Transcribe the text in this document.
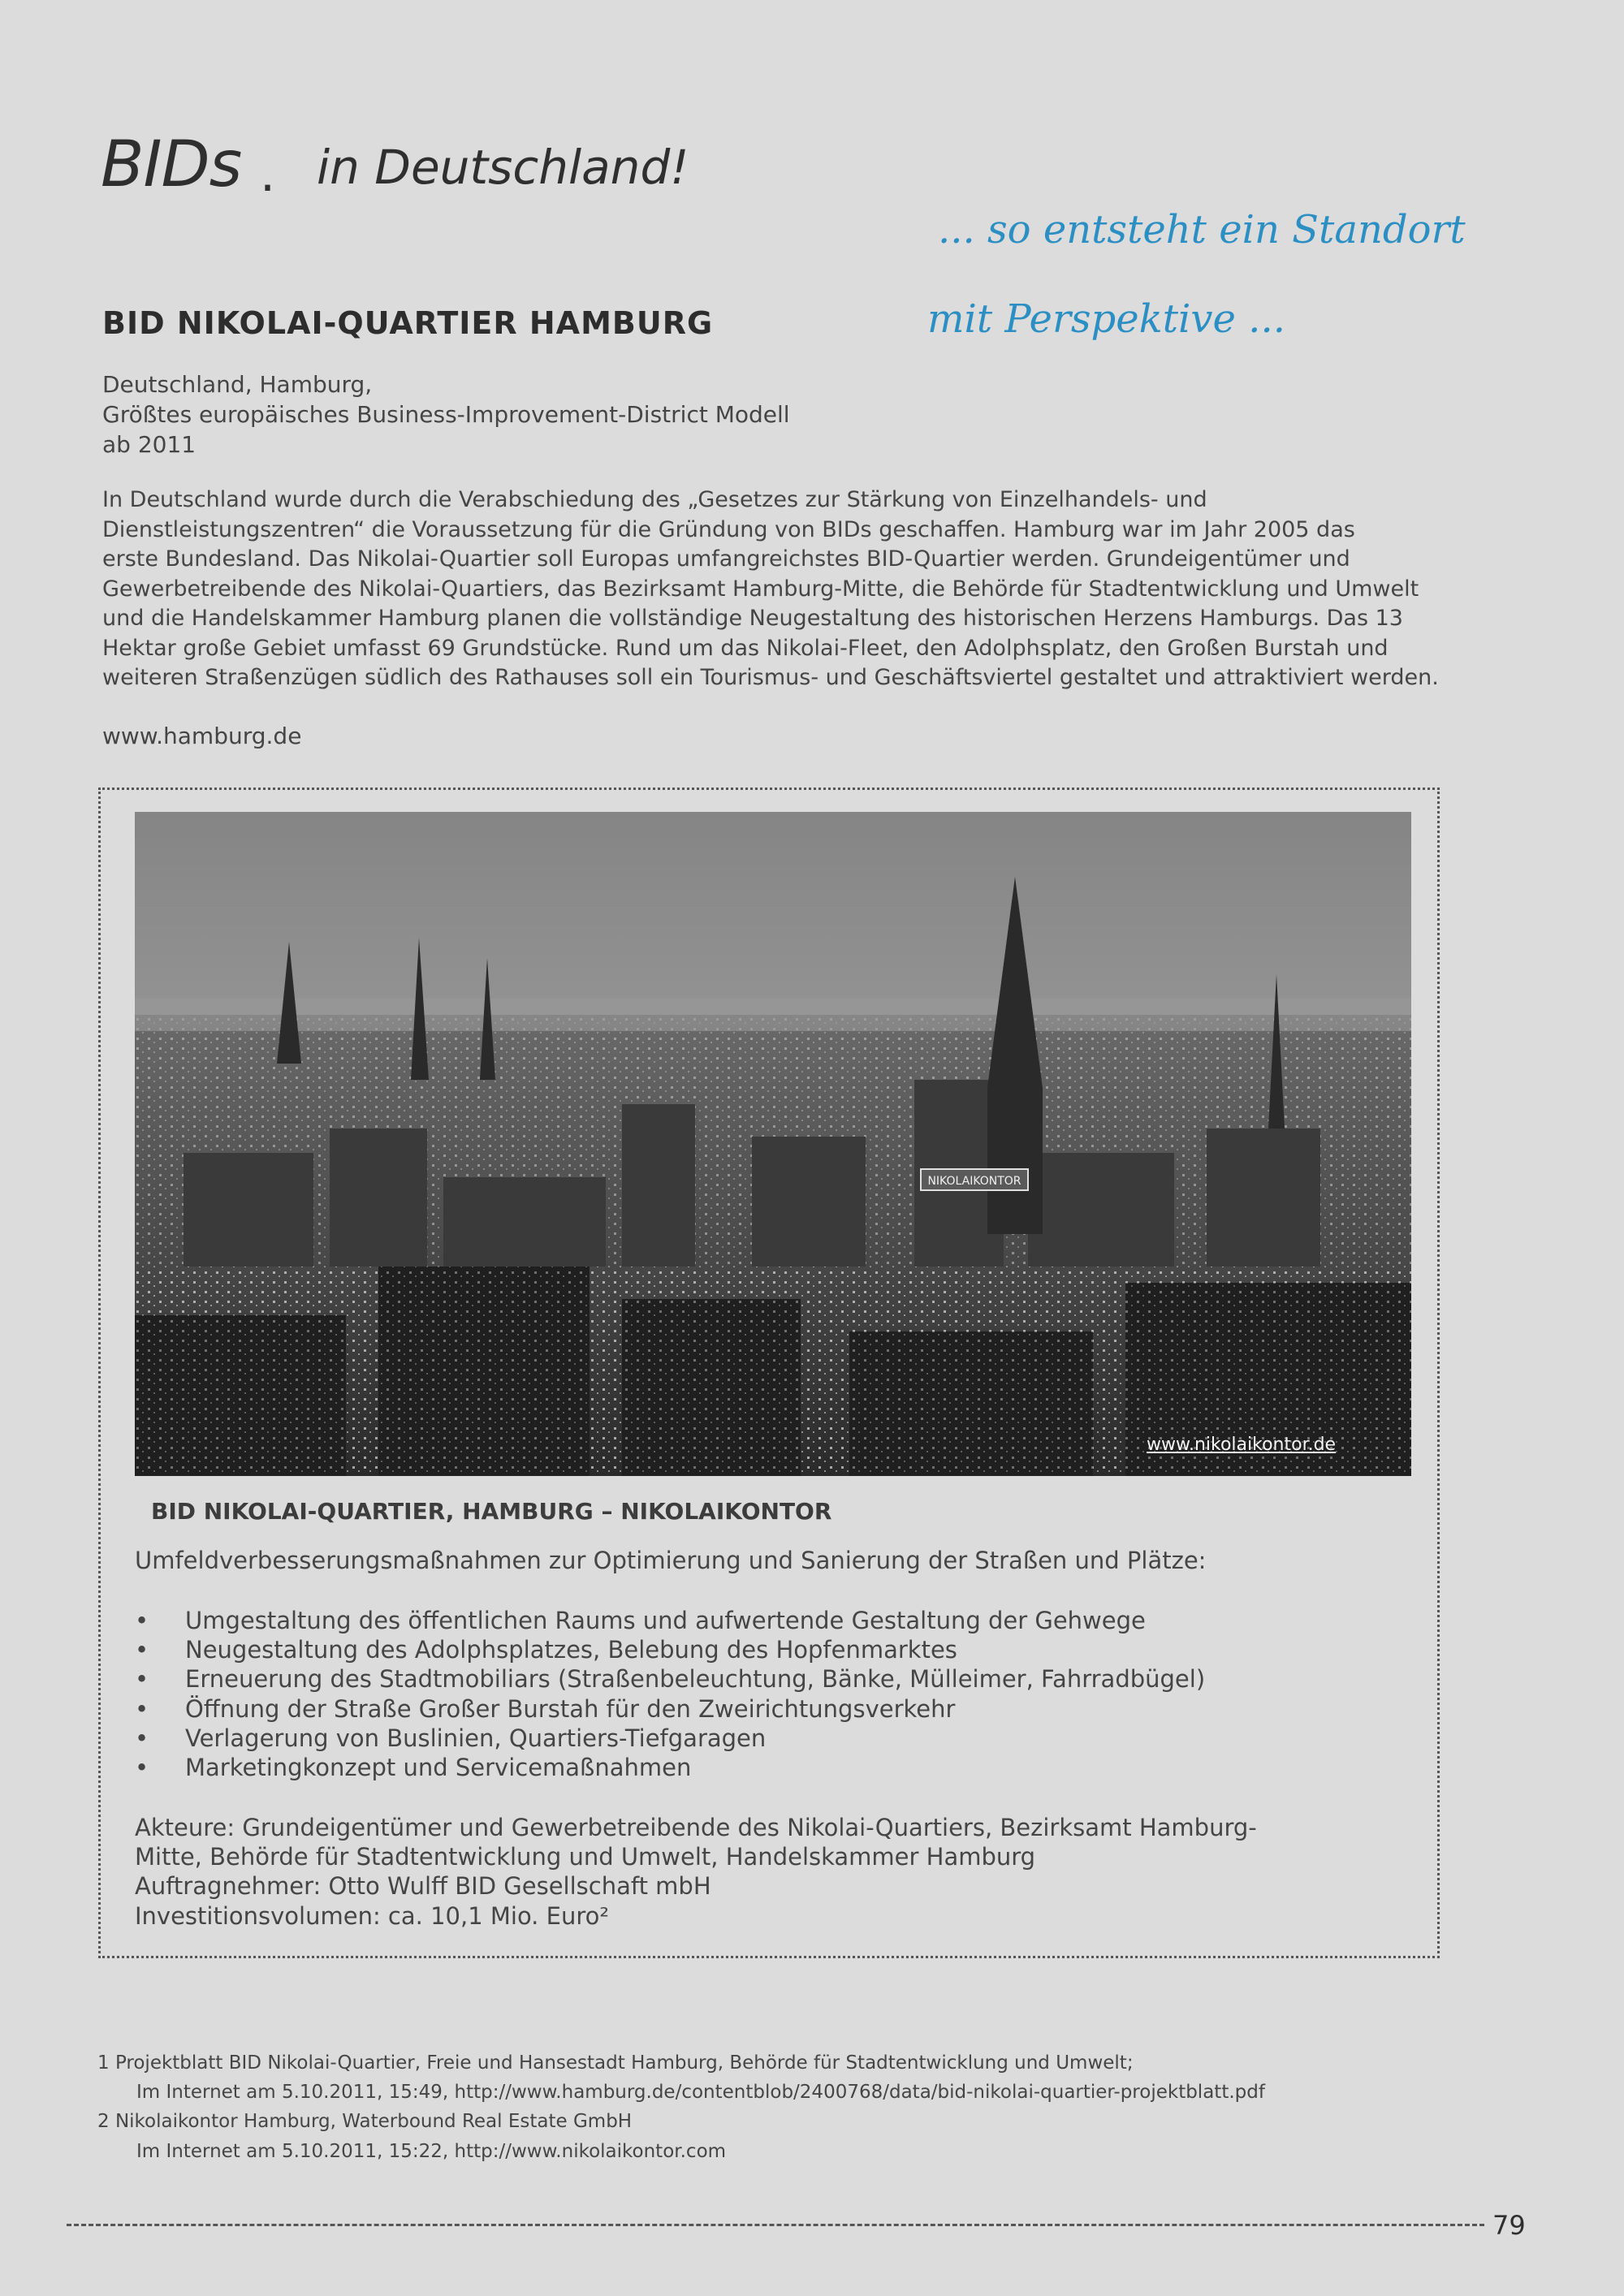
BIDs . in Deutschland!
... so entsteht ein Standort
mit Perspektive ...
BID NIKOLAI-QUARTIER HAMBURG
Deutschland, Hamburg,
Größtes europäisches Business-Improvement-District Modell
ab 2011
In Deutschland wurde durch die Verabschiedung des „Gesetzes zur Stärkung von Einzelhandels- und
Dienstleistungszentren“ die Voraussetzung für die Gründung von BIDs geschaffen. Hamburg war im Jahr 2005 das
erste Bundesland. Das Nikolai-Quartier soll Europas umfangreichstes BID-Quartier werden. Grundeigentümer und
Gewerbetreibende des Nikolai-Quartiers, das Bezirksamt Hamburg-Mitte, die Behörde für Stadtentwicklung und Umwelt
und die Handelskammer Hamburg planen die vollständige Neugestaltung des historischen Herzens Hamburgs. Das 13
Hektar große Gebiet umfasst 69 Grundstücke. Rund um das Nikolai-Fleet, den Adolphsplatz, den Großen Burstah und
weiteren Straßenzügen südlich des Rathauses soll ein Tourismus- und Geschäftsviertel gestaltet und attraktiviert werden.
www.hamburg.de
NIKOLAIKONTOR
www.nikolaikontor.de
BID NIKOLAI-QUARTIER, HAMBURG – NIKOLAIKONTOR
Umfeldverbesserungsmaßnahmen zur Optimierung und Sanierung der Straßen und Plätze:
• Umgestaltung des öffentlichen Raums und aufwertende Gestaltung der Gehwege
• Neugestaltung des Adolphsplatzes, Belebung des Hopfenmarktes
• Erneuerung des Stadtmobiliars (Straßenbeleuchtung, Bänke, Mülleimer, Fahrradbügel)
• Öffnung der Straße Großer Burstah für den Zweirichtungsverkehr
• Verlagerung von Buslinien, Quartiers-Tiefgaragen
• Marketingkonzept und Servicemaßnahmen
Akteure: Grundeigentümer und Gewerbetreibende des Nikolai-Quartiers, Bezirksamt Hamburg-
Mitte, Behörde für Stadtentwicklung und Umwelt, Handelskammer Hamburg
Auftragnehmer: Otto Wulff BID Gesellschaft mbH
Investitionsvolumen: ca. 10,1 Mio. Euro²
1 Projektblatt BID Nikolai-Quartier, Freie und Hansestadt Hamburg, Behörde für Stadtentwicklung und Umwelt;
Im Internet am 5.10.2011, 15:49, http://www.hamburg.de/contentblob/2400768/data/bid-nikolai-quartier-projektblatt.pdf
2 Nikolaikontor Hamburg, Waterbound Real Estate GmbH
Im Internet am 5.10.2011, 15:22, http://www.nikolaikontor.com
79
